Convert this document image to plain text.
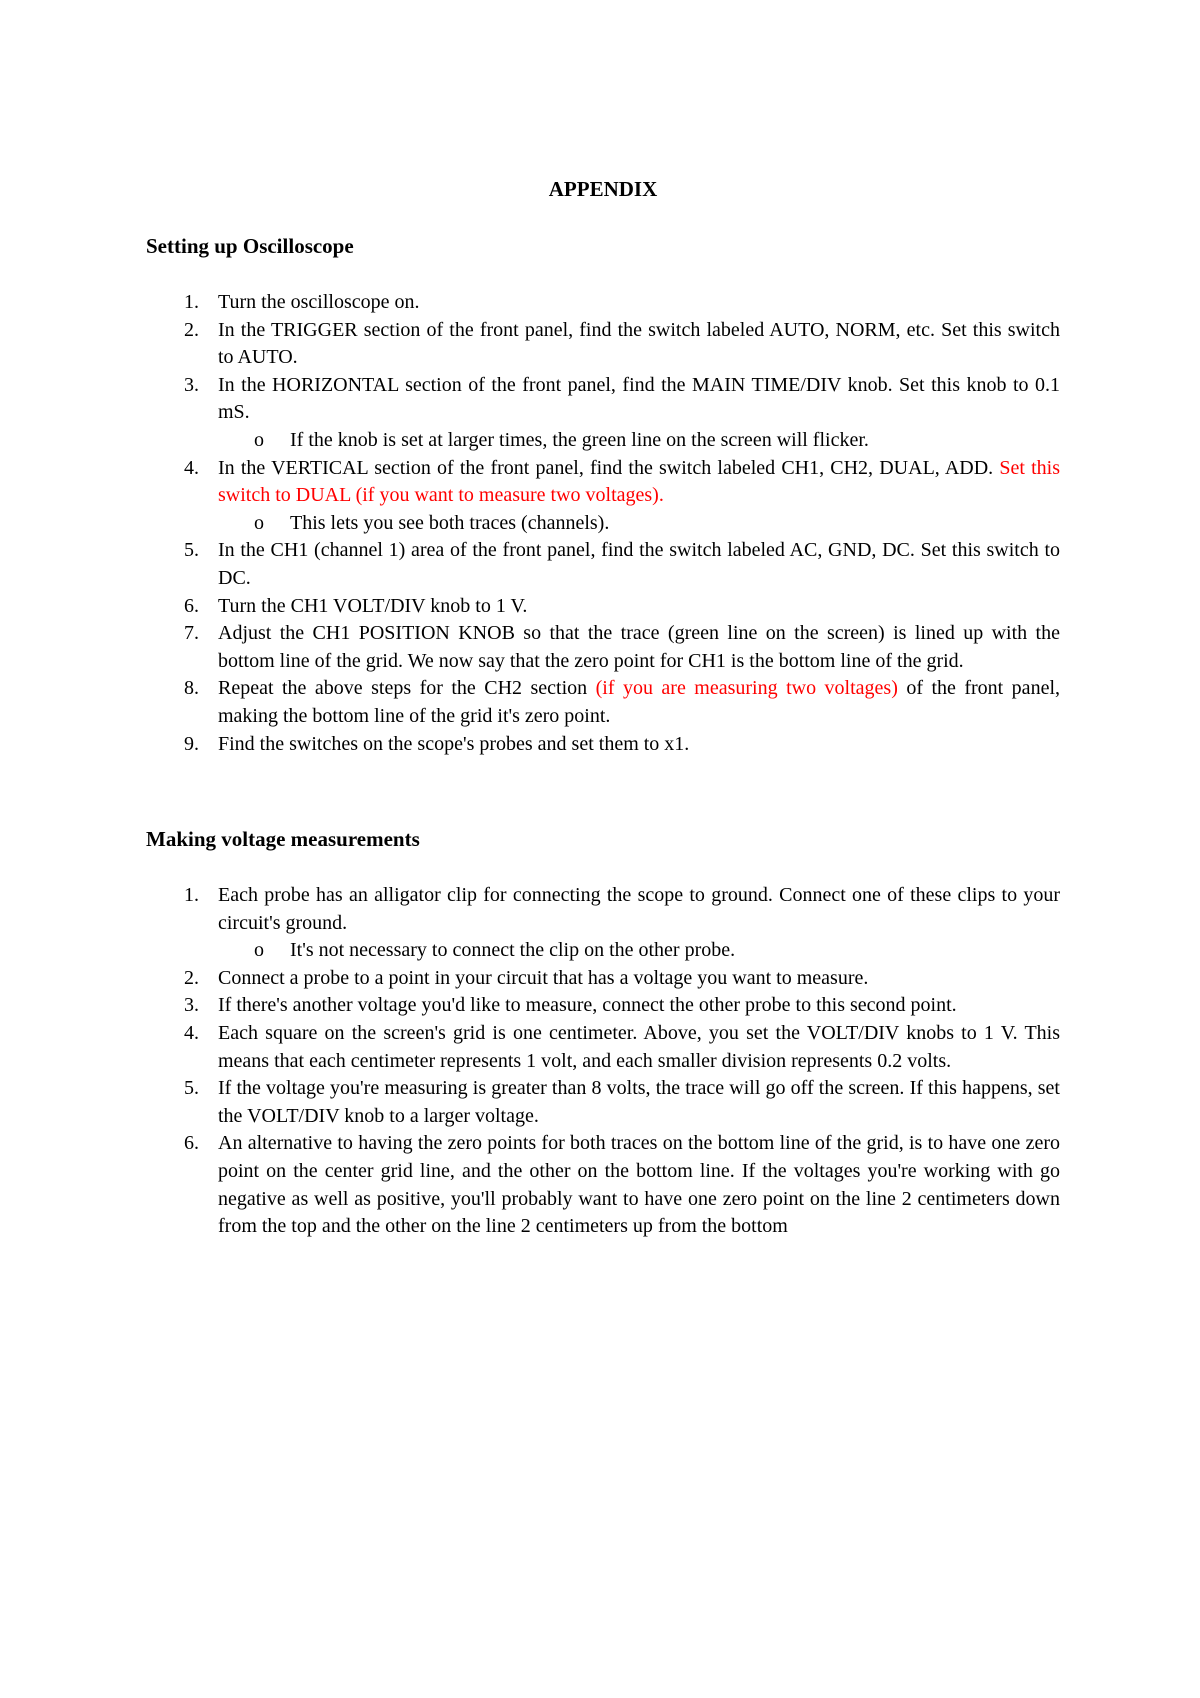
APPENDIX
Setting up Oscilloscope
1. Turn the oscilloscope on.
2. In the TRIGGER section of the front panel, find the switch labeled AUTO, NORM, etc. Set this switch to AUTO.
3. In the HORIZONTAL section of the front panel, find the MAIN TIME/DIV knob. Set this knob to 0.1 mS.
o If the knob is set at larger times, the green line on the screen will flicker.
4. In the VERTICAL section of the front panel, find the switch labeled CH1, CH2, DUAL, ADD. Set this switch to DUAL (if you want to measure two voltages).
o This lets you see both traces (channels).
5. In the CH1 (channel 1) area of the front panel, find the switch labeled AC, GND, DC. Set this switch to DC.
6. Turn the CH1 VOLT/DIV knob to 1 V.
7. Adjust the CH1 POSITION KNOB so that the trace (green line on the screen) is lined up with the bottom line of the grid. We now say that the zero point for CH1 is the bottom line of the grid.
8. Repeat the above steps for the CH2 section (if you are measuring two voltages) of the front panel, making the bottom line of the grid it's zero point.
9. Find the switches on the scope's probes and set them to x1.
Making voltage measurements
1. Each probe has an alligator clip for connecting the scope to ground. Connect one of these clips to your circuit's ground.
o It's not necessary to connect the clip on the other probe.
2. Connect a probe to a point in your circuit that has a voltage you want to measure.
3. If there's another voltage you'd like to measure, connect the other probe to this second point.
4. Each square on the screen's grid is one centimeter. Above, you set the VOLT/DIV knobs to 1 V. This means that each centimeter represents 1 volt, and each smaller division represents 0.2 volts.
5. If the voltage you're measuring is greater than 8 volts, the trace will go off the screen. If this happens, set the VOLT/DIV knob to a larger voltage.
6. An alternative to having the zero points for both traces on the bottom line of the grid, is to have one zero point on the center grid line, and the other on the bottom line. If the voltages you're working with go negative as well as positive, you'll probably want to have one zero point on the line 2 centimeters down from the top and the other on the line 2 centimeters up from the bottom
